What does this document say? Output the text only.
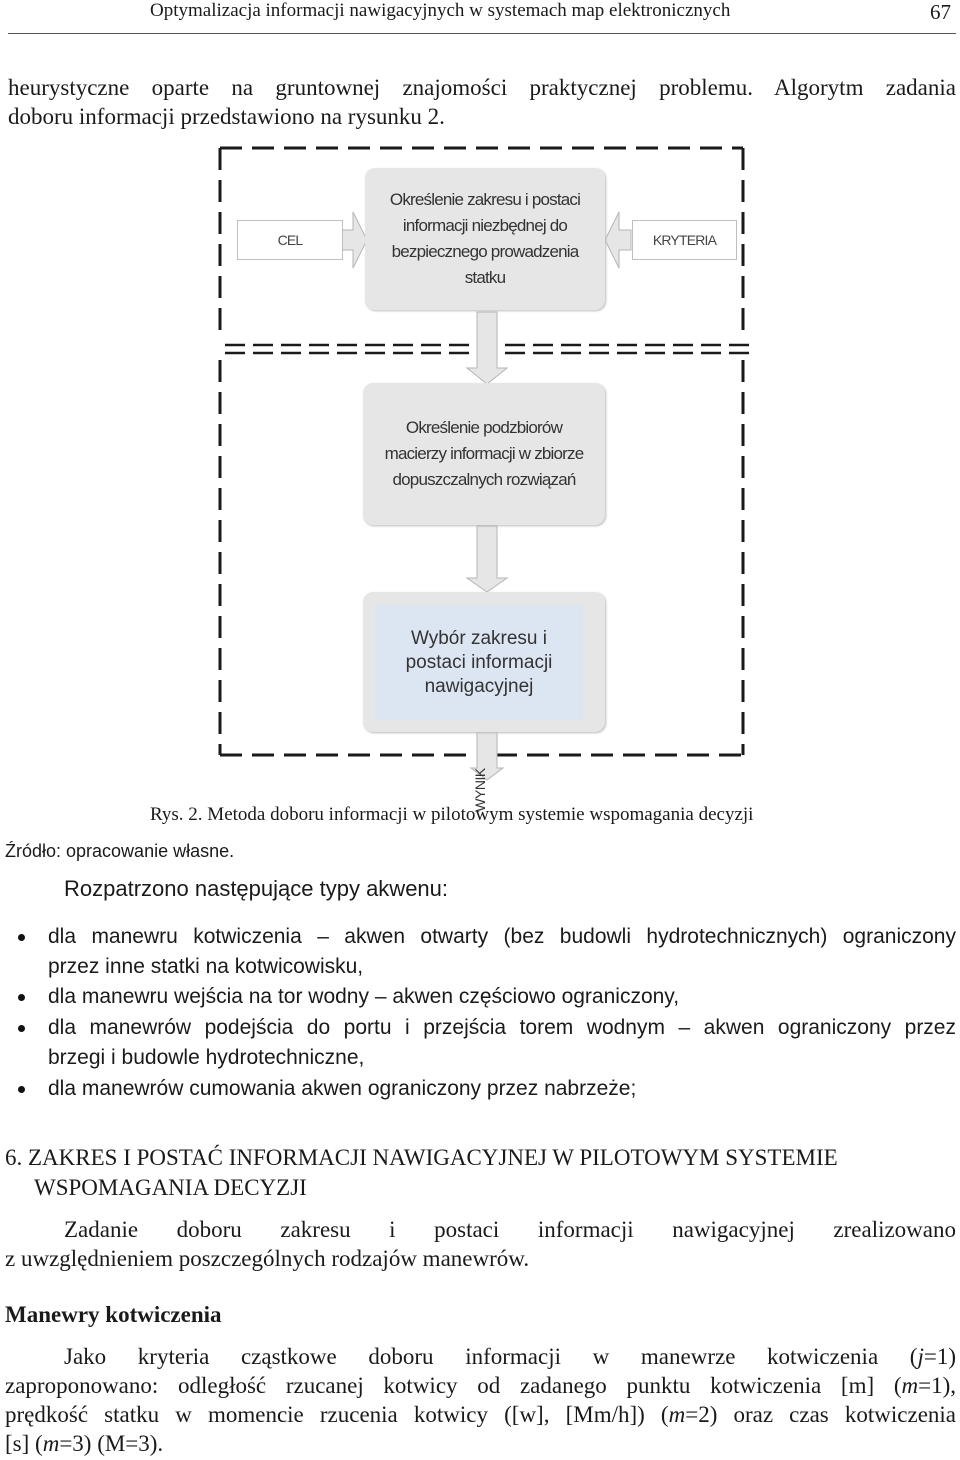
Optymalizacja informacji nawigacyjnych w systemach map elektronicznych	67
heurystyczne oparte na gruntownej znajomości praktycznej problemu. Algorytm zadania
doboru informacji przedstawiono na rysunku 2.
CEL	KRYTERIA
Określenie zakresu i postaci
informacji niezbędnej do
bezpiecznego prowadzenia
statku
Określenie podzbiorów
macierzy informacji w zbiorze
dopuszczalnych rozwiązań
Wybór zakresu i
postaci informacji
nawigacyjnej
WYNIK
Rys. 2. Metoda doboru informacji w pilotowym systemie wspomagania decyzji
Źródło: opracowanie własne.
Rozpatrzono następujące typy akwenu:
dla manewru kotwiczenia – akwen otwarty (bez budowli hydrotechnicznych) ograniczony
przez inne statki na kotwicowisku,
dla manewru wejścia na tor wodny – akwen częściowo ograniczony,
dla manewrów podejścia do portu i przejścia torem wodnym – akwen ograniczony przez
brzegi i budowle hydrotechniczne,
dla manewrów cumowania akwen ograniczony przez nabrzeże;
6. ZAKRES I POSTAĆ INFORMACJI NAWIGACYJNEJ W PILOTOWYM SYSTEMIE
WSPOMAGANIA DECYZJI
Zadanie doboru zakresu i postaci informacji nawigacyjnej zrealizowano
z uwzględnieniem poszczególnych rodzajów manewrów.
Manewry kotwiczenia
Jako kryteria cząstkowe doboru informacji w manewrze kotwiczenia (j=1)
zaproponowano: odległość rzucanej kotwicy od zadanego punktu kotwiczenia [m] (m=1),
prędkość statku w momencie rzucenia kotwicy ([w], [Mm/h]) (m=2) oraz czas kotwiczenia
[s] (m=3) (M=3).
